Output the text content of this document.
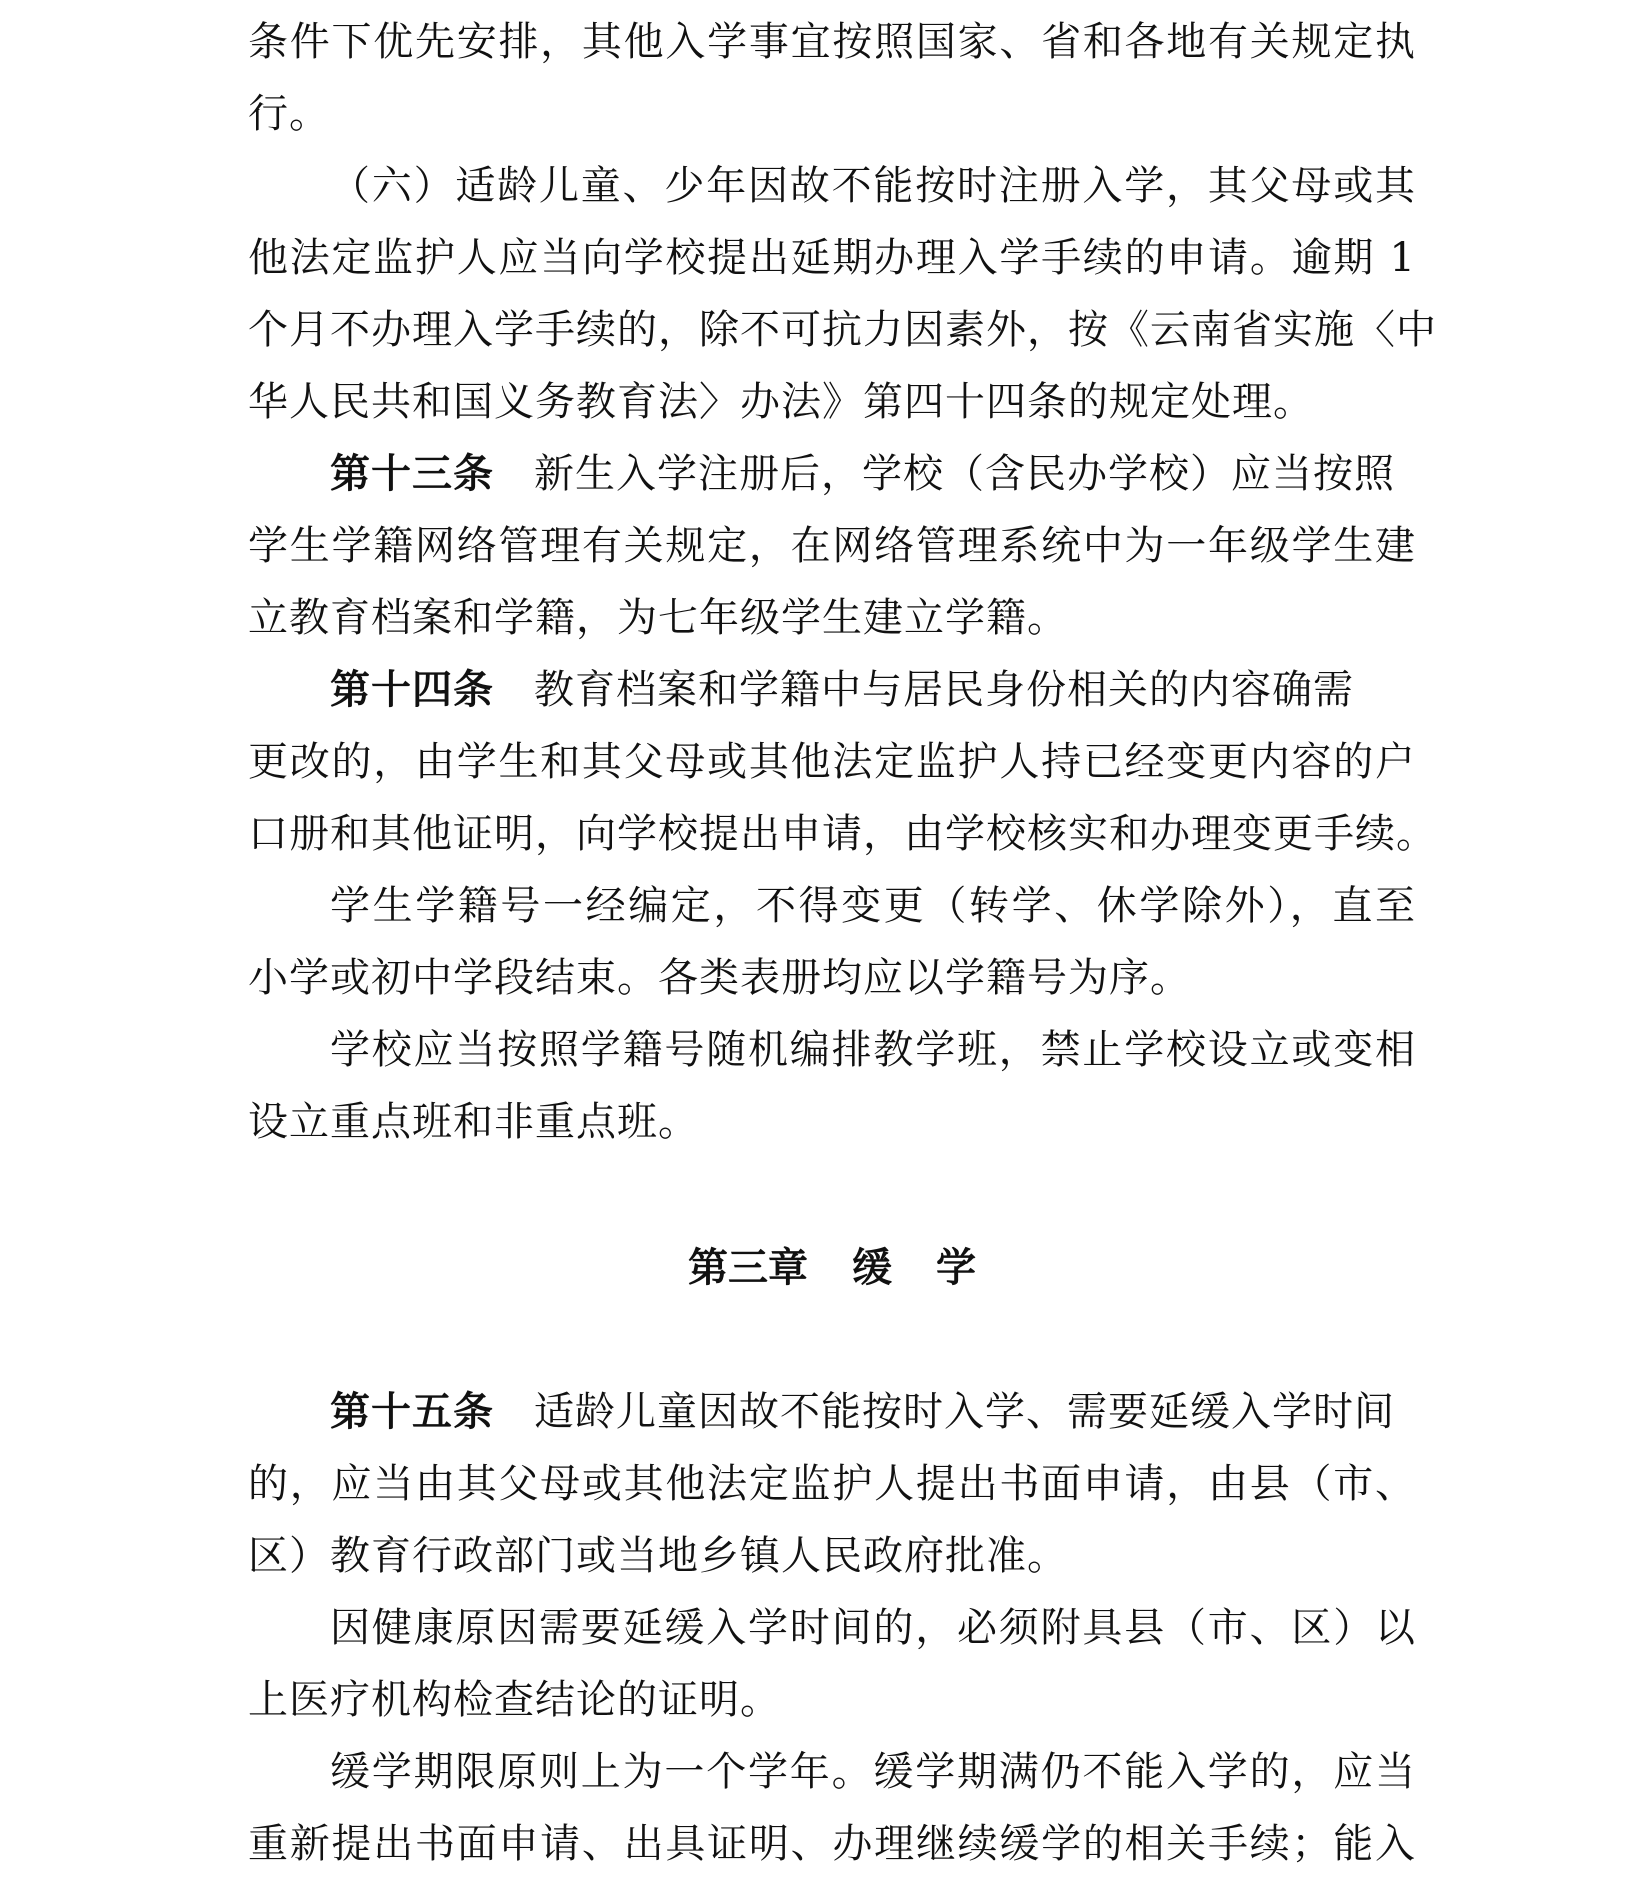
条件下优先安排，其他入学事宜按照国家、省和各地有关规定执
行。
（六）适龄儿童、少年因故不能按时注册入学，其父母或其
他法定监护人应当向学校提出延期办理入学手续的申请。逾期 1
个月不办理入学手续的，除不可抗力因素外，按《云南省实施〈中
华人民共和国义务教育法〉办法》第四十四条的规定处理。
第十三条 新生入学注册后，学校（含民办学校）应当按照
学生学籍网络管理有关规定，在网络管理系统中为一年级学生建
立教育档案和学籍，为七年级学生建立学籍。
第十四条 教育档案和学籍中与居民身份相关的内容确需
更改的，由学生和其父母或其他法定监护人持已经变更内容的户
口册和其他证明，向学校提出申请，由学校核实和办理变更手续。
学生学籍号一经编定，不得变更（转学、休学除外），直至
小学或初中学段结束。各类表册均应以学籍号为序。
学校应当按照学籍号随机编排教学班，禁止学校设立或变相
设立重点班和非重点班。
第三章 缓 学
第十五条 适龄儿童因故不能按时入学、需要延缓入学时间
的，应当由其父母或其他法定监护人提出书面申请，由县（市、
区）教育行政部门或当地乡镇人民政府批准。
因健康原因需要延缓入学时间的，必须附具县（市、区）以
上医疗机构检查结论的证明。
缓学期限原则上为一个学年。缓学期满仍不能入学的，应当
重新提出书面申请、出具证明、办理继续缓学的相关手续；能入
